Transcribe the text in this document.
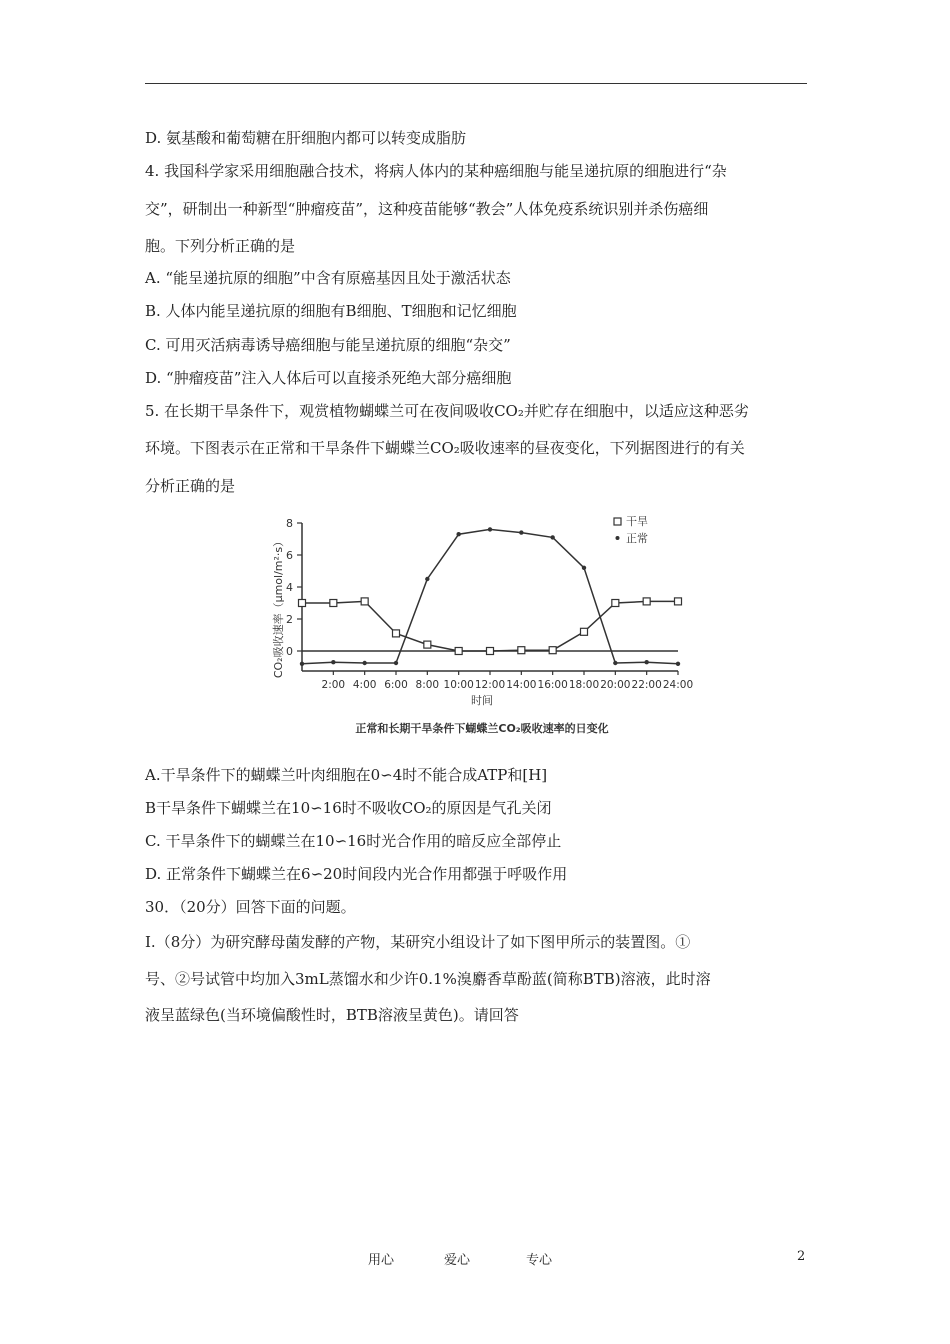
D. 氨基酸和葡萄糖在肝细胞内都可以转变成脂肪
4. 我国科学家采用细胞融合技术，将病人体内的某种癌细胞与能呈递抗原的细胞进行“杂
交”，研制出一种新型“肿瘤疫苗”，这种疫苗能够“教会”人体免疫系统识别并杀伤癌细
胞。下列分析正确的是
A. “能呈递抗原的细胞”中含有原癌基因且处于激活状态
B. 人体内能呈递抗原的细胞有B细胞、T细胞和记忆细胞
C. 可用灭活病毒诱导癌细胞与能呈递抗原的细胞“杂交”
D. “肿瘤疫苗”注入人体后可以直接杀死绝大部分癌细胞
5. 在长期干旱条件下，观赏植物蝴蝶兰可在夜间吸收CO₂并贮存在细胞中，以适应这种恶劣
环境。下图表示在正常和干旱条件下蝴蝶兰CO₂吸收速率的昼夜变化，下列据图进行的有关
分析正确的是
0
2
4
6
8
2:00 4:00 6:00 8:00 10:00 12:00 14:00 16:00 18:00 20:00 22:00 24:00
CO₂吸收速率（μmol/m²·s）
时间
正常和长期干旱条件下蝴蝶兰CO₂吸收速率的日变化
干旱
正常
A.干旱条件下的蝴蝶兰叶肉细胞在0∽4时不能合成ATP和[H]
B干旱条件下蝴蝶兰在10∽16时不吸收CO₂的原因是气孔关闭
C. 干旱条件下的蝴蝶兰在10∽16时光合作用的暗反应全部停止
D. 正常条件下蝴蝶兰在6∽20时间段内光合作用都强于呼吸作用
30．（20分）回答下面的问题。
I.（8分）为研究酵母菌发酵的产物，某研究小组设计了如下图甲所示的装置图。①
号、②号试管中均加入3mL蒸馏水和少许0.1%溴麝香草酚蓝(简称BTB)溶液，此时溶
液呈蓝绿色(当环境偏酸性时，BTB溶液呈黄色)。请回答
用心	爱心	专心	2
